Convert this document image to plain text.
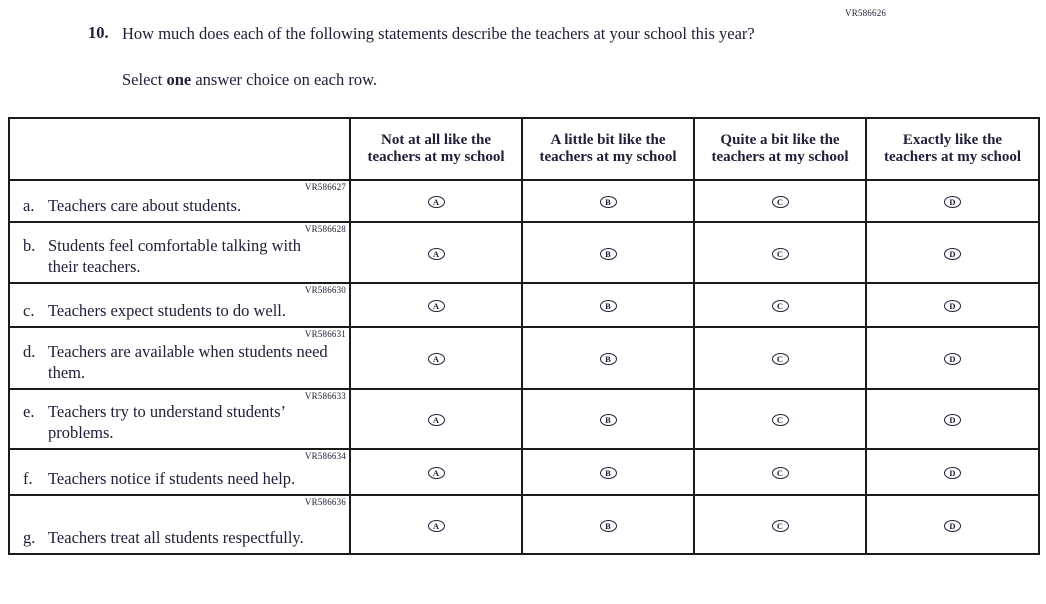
VR586626
10. How much does each of the following statements describe the teachers at your school this year?
Select one answer choice on each row.

	Not at all like the teachers at my school	A little bit like the teachers at my school	Quite a bit like the teachers at my school	Exactly like the teachers at my school

VR586627
a. Teachers care about students.	A	B	C	D

VR586628
b. Students feel comfortable talking with their teachers.	A	B	C	D

VR586630
c. Teachers expect students to do well.	A	B	C	D

VR586631
d. Teachers are available when students need them.	A	B	C	D

VR586633
e. Teachers try to understand students’ problems.	A	B	C	D

VR586634
f. Teachers notice if students need help.	A	B	C	D

VR586636
g. Teachers treat all students respectfully.	A	B	C	D
